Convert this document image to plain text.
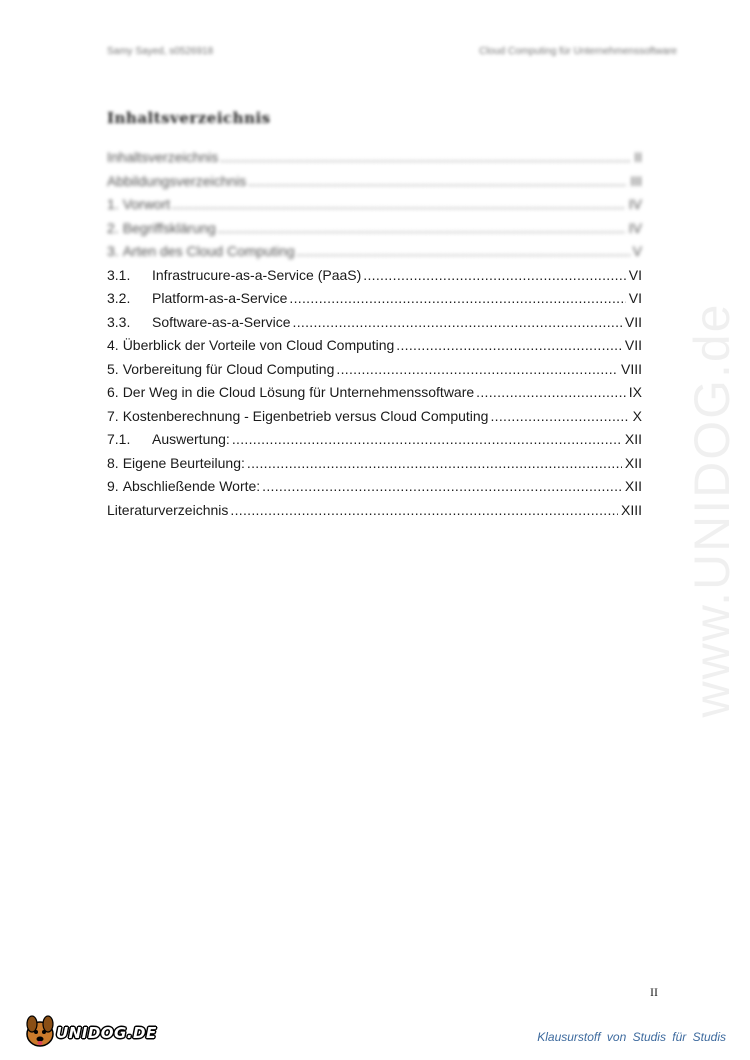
Samy Sayed, s0526918	Cloud Computing für Unternehmenssoftware
Inhaltsverzeichnis
Inhaltsverzeichnis .....	II
Abbildungsverzeichnis .....	III
1. Vorwort .....	IV
2. Begriffsklärung .....	IV
3. Arten des Cloud Computing .....	V
3.1.	Infrastrucure-as-a-Service (PaaS) .....	VI
3.2.	Platform-as-a-Service .....	VI
3.3.	Software-as-a-Service .....	VII
4. Überblick der Vorteile von Cloud Computing .....	VII
5. Vorbereitung für Cloud Computing .....	VIII
6. Der Weg in die Cloud Lösung für Unternehmenssoftware .....	IX
7. Kostenberechnung - Eigenbetrieb versus Cloud Computing .....	X
7.1.	Auswertung: .....	XII
8. Eigene Beurteilung: .....	XII
9. Abschließende Worte: .....	XII
Literaturverzeichnis .....	XIII
II
www.UNIDOG.de
UNIDOG.DE	Klausurstoff von Studis für Studis
